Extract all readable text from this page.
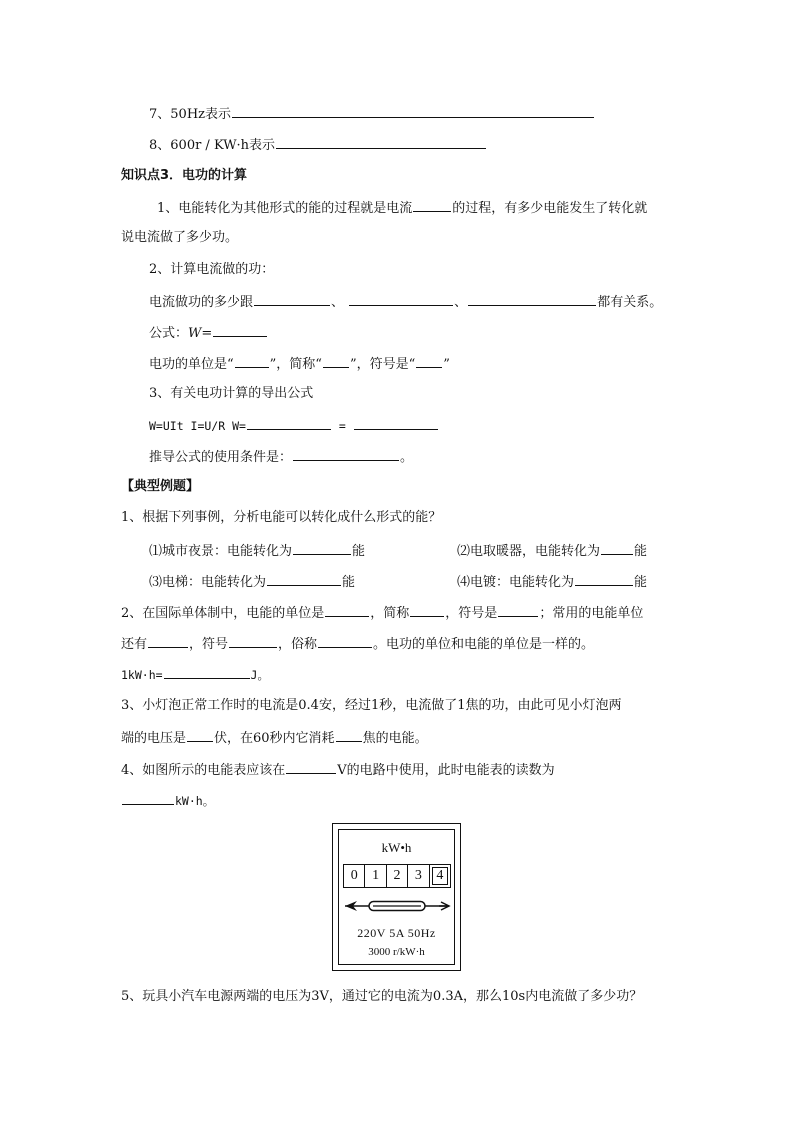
7、50Hz表示
8、600r / KW·h表示
知识点3．电功的计算
1、电能转化为其他形式的能的过程就是电流	的过程，有多少电能发生了转化就
说电流做了多少功。
2、计算电流做的功：
电流做功的多少跟	、	、	都有关系。
公式：W=
电功的单位是“	”，简称“ ”，符号是“ ”
3、有关电功计算的导出公式
W=UIt I=U/R W=	=
推导公式的使用条件是：	。
【典型例题】
1、根据下列事例，分析电能可以转化成什么形式的能？
⑴城市夜景：电能转化为	能	⑵电取暖器，电能转化为	能
⑶电梯：电能转化为	能	⑷电镀：电能转化为	能
2、在国际单体制中，电能的单位是	，简称	，符号是	；常用的电能单位
还有	，符号	，俗称	。电功的单位和电能的单位是一样的。
1kW·h=	J。
3、小灯泡正常工作时的电流是0.4安，经过1秒，电流做了1焦的功，由此可见小灯泡两
端的电压是 伏，在60秒内它消耗 焦的电能。
4、如图所示的电能表应该在	V的电路中使用，此时电能表的读数为
kW·h。
kW•h
0	1	2	3	4
220V 5A 50Hz
3000 r/kW·h
5、玩具小汽车电源两端的电压为3V，通过它的电流为0.3A，那么10s内电流做了多少功？
